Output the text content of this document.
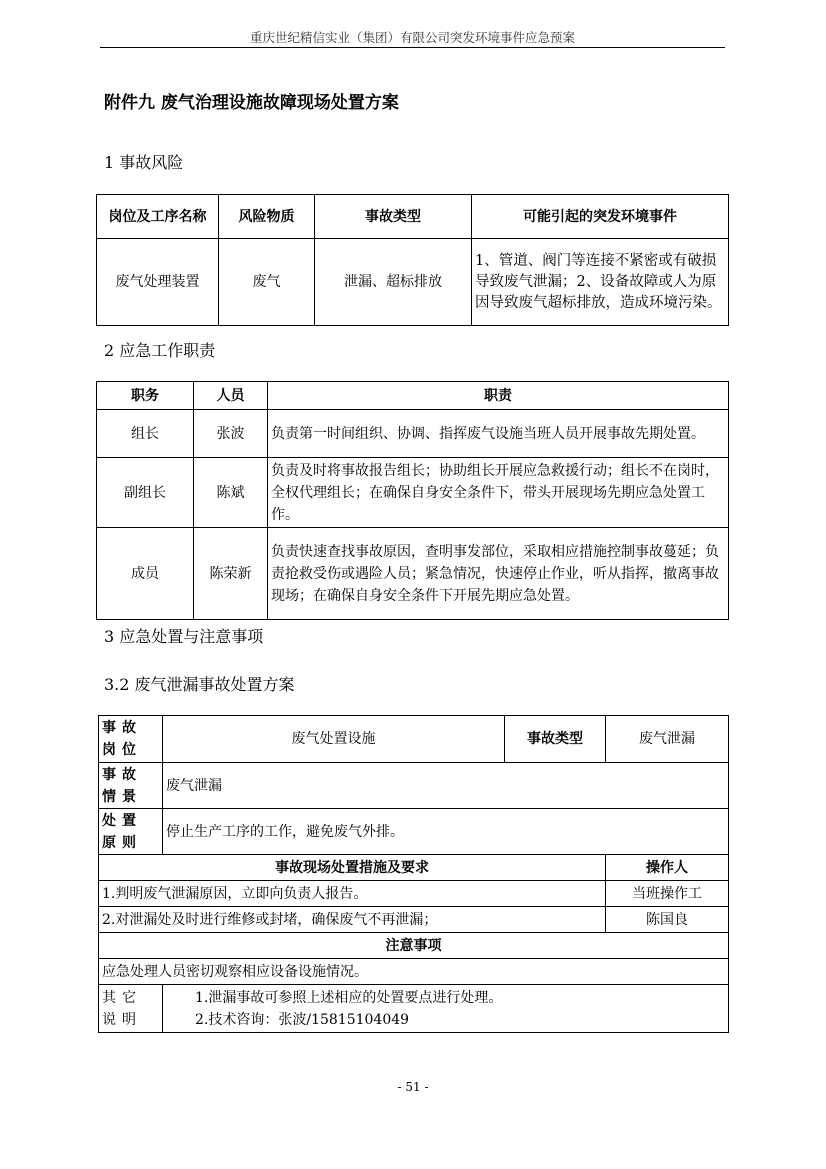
重庆世纪精信实业（集团）有限公司突发环境事件应急预案
附件九 废气治理设施故障现场处置方案
1 事故风险
岗位及工序名称	风险物质	事故类型	可能引起的突发环境事件
废气处理装置	废气	泄漏、超标排放	1、管道、阀门等连接不紧密或有破损导致废气泄漏；2、设备故障或人为原因导致废气超标排放，造成环境污染。
2 应急工作职责
职务	人员	职责
组长	张波	负责第一时间组织、协调、指挥废气设施当班人员开展事故先期处置。
副组长	陈斌	负责及时将事故报告组长；协助组长开展应急救援行动；组长不在岗时，全权代理组长；在确保自身安全条件下，带头开展现场先期应急处置工作。
成员	陈荣新	负责快速查找事故原因，查明事发部位，采取相应措施控制事故蔓延；负责抢救受伤或遇险人员；紧急情况，快速停止作业，听从指挥，撤离事故现场；在确保自身安全条件下开展先期应急处置。
3 应急处置与注意事项
3.2 废气泄漏事故处置方案
事故岗位	废气处置设施	事故类型	废气泄漏
事故情景	废气泄漏		
处置原则	停止生产工序的工作，避免废气外排。		
事故现场处置措施及要求			操作人
1.判明废气泄漏原因，立即向负责人报告。			当班操作工
2.对泄漏处及时进行维修或封堵，确保废气不再泄漏；			陈国良
注意事项			
应急处理人员密切观察相应设备设施情况。			
其它说明	1.泄漏事故可参照上述相应的处置要点进行处理。
2.技术咨询：张波/15815104049		
- 51 -
